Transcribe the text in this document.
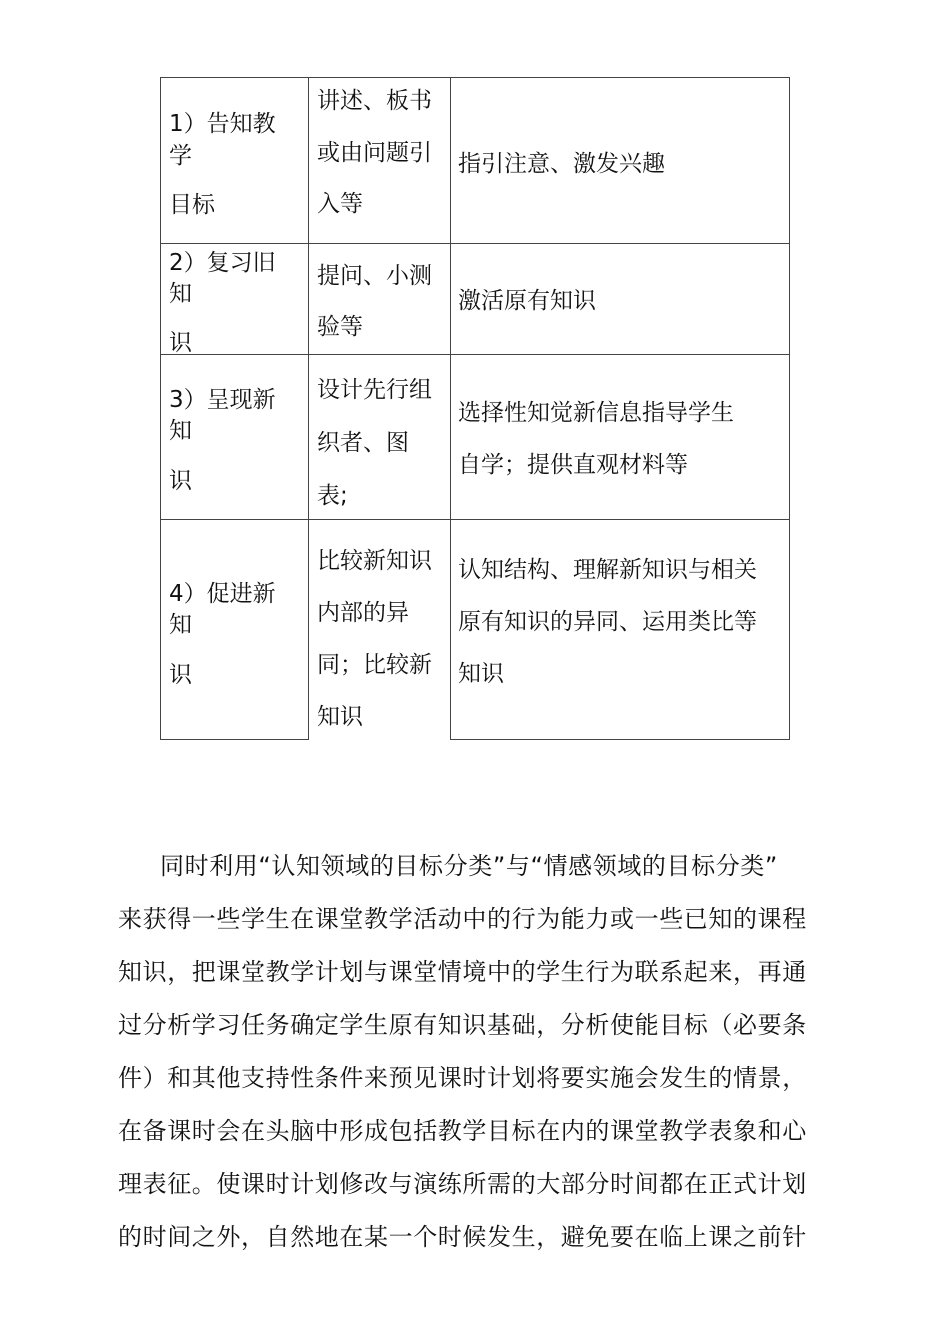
1）告知教
学
目标
讲述、板书
或由问题引
入等
指引注意、激发兴趣
2）复习旧
知
识
提问、小测
验等
激活原有知识
3）呈现新
知
识
设计先行组
织者、图
表;
选择性知觉新信息指导学生
自学；提供直观材料等
4）促进新
知
识
比较新知识
内部的异
同；比较新
知识
认知结构、理解新知识与相关
原有知识的异同、运用类比等
知识
同时利用“认知领域的目标分类”与“情感领域的目标分类”
来获得一些学生在课堂教学活动中的行为能力或一些已知的课程
知识，把课堂教学计划与课堂情境中的学生行为联系起来，再通
过分析学习任务确定学生原有知识基础，分析使能目标（必要条
件）和其他支持性条件来预见课时计划将要实施会发生的情景，
在备课时会在头脑中形成包括教学目标在内的课堂教学表象和心
理表征。使课时计划修改与演练所需的大部分时间都在正式计划
的时间之外，自然地在某一个时候发生，避免要在临上课之前针
